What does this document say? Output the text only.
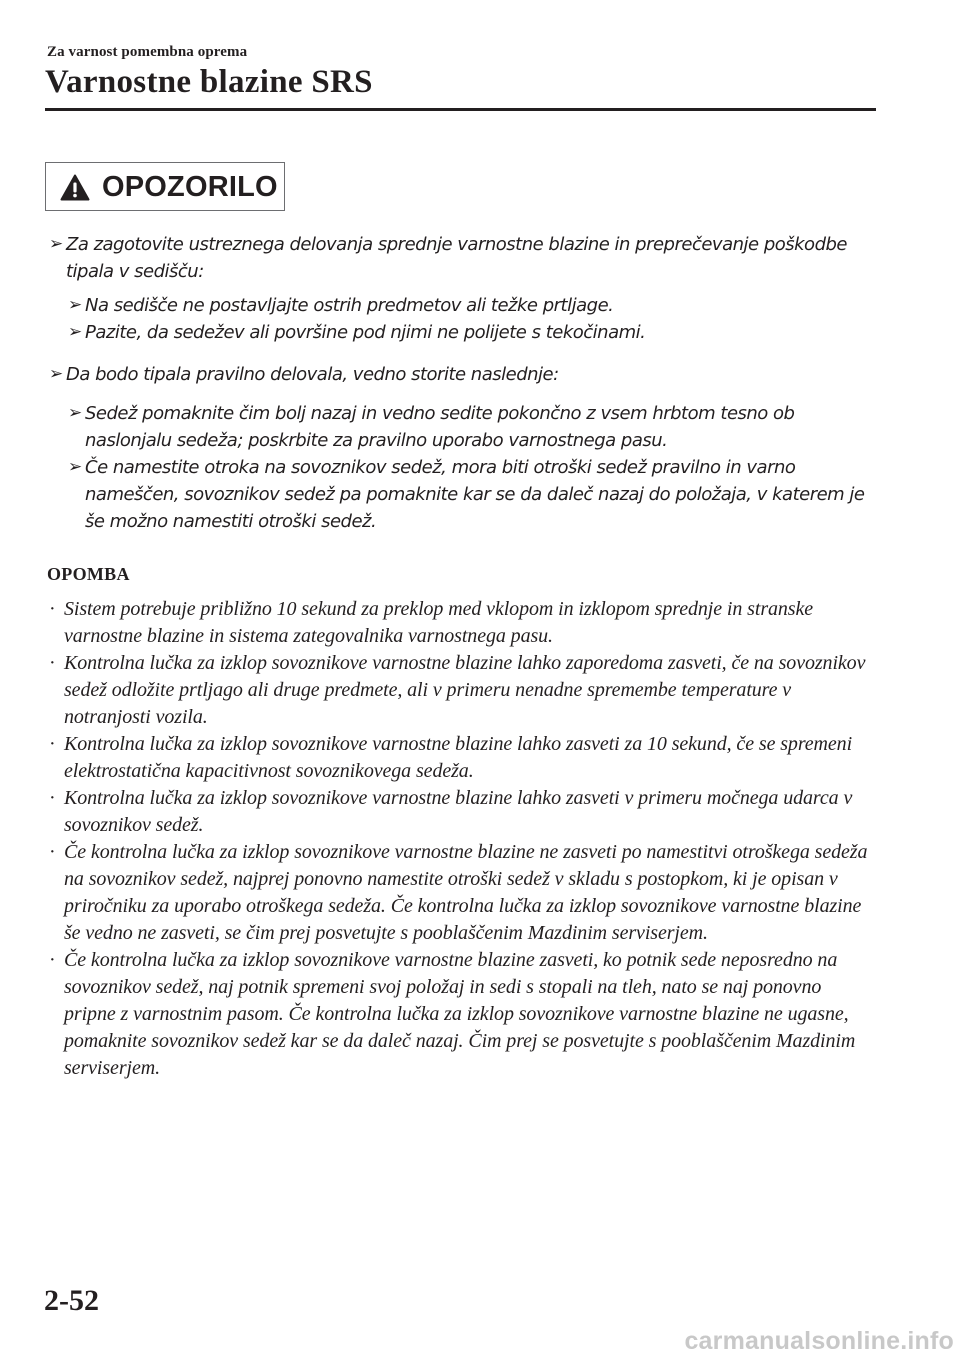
Za varnost pomembna oprema
Varnostne blazine SRS
OPOZORILO
➢ Za zagotovite ustreznega delovanja sprednje varnostne blazine in preprečevanje poškodbe tipala v sedišču:
➢ Na sedišče ne postavljajte ostrih predmetov ali težke prtljage.
➢ Pazite, da sedežev ali površine pod njimi ne polijete s tekočinami.
➢ Da bodo tipala pravilno delovala, vedno storite naslednje:
➢ Sedež pomaknite čim bolj nazaj in vedno sedite pokončno z vsem hrbtom tesno ob naslonjalu sedeža; poskrbite za pravilno uporabo varnostnega pasu.
➢ Če namestite otroka na sovoznikov sedež, mora biti otroški sedež pravilno in varno nameščen, sovoznikov sedež pa pomaknite kar se da daleč nazaj do položaja, v katerem je še možno namestiti otroški sedež.
OPOMBA
· Sistem potrebuje približno 10 sekund za preklop med vklopom in izklopom sprednje in stranske varnostne blazine in sistema zategovalnika varnostnega pasu.
· Kontrolna lučka za izklop sovoznikove varnostne blazine lahko zaporedoma zasveti, če na sovoznikov sedež odložite prtljago ali druge predmete, ali v primeru nenadne spremembe temperature v notranjosti vozila.
· Kontrolna lučka za izklop sovoznikove varnostne blazine lahko zasveti za 10 sekund, če se spremeni elektrostatična kapacitivnost sovoznikovega sedeža.
· Kontrolna lučka za izklop sovoznikove varnostne blazine lahko zasveti v primeru močnega udarca v sovoznikov sedež.
· Če kontrolna lučka za izklop sovoznikove varnostne blazine ne zasveti po namestitvi otroškega sedeža na sovoznikov sedež, najprej ponovno namestite otroški sedež v skladu s postopkom, ki je opisan v priročniku za uporabo otroškega sedeža. Če kontrolna lučka za izklop sovoznikove varnostne blazine še vedno ne zasveti, se čim prej posvetujte s pooblaščenim Mazdinim serviserjem.
· Če kontrolna lučka za izklop sovoznikove varnostne blazine zasveti, ko potnik sede neposredno na sovoznikov sedež, naj potnik spremeni svoj položaj in sedi s stopali na tleh, nato se naj ponovno pripne z varnostnim pasom. Če kontrolna lučka za izklop sovoznikove varnostne blazine ne ugasne, pomaknite sovoznikov sedež kar se da daleč nazaj. Čim prej se posvetujte s pooblaščenim Mazdinim serviserjem.
2-52
carmanualsonline.info
